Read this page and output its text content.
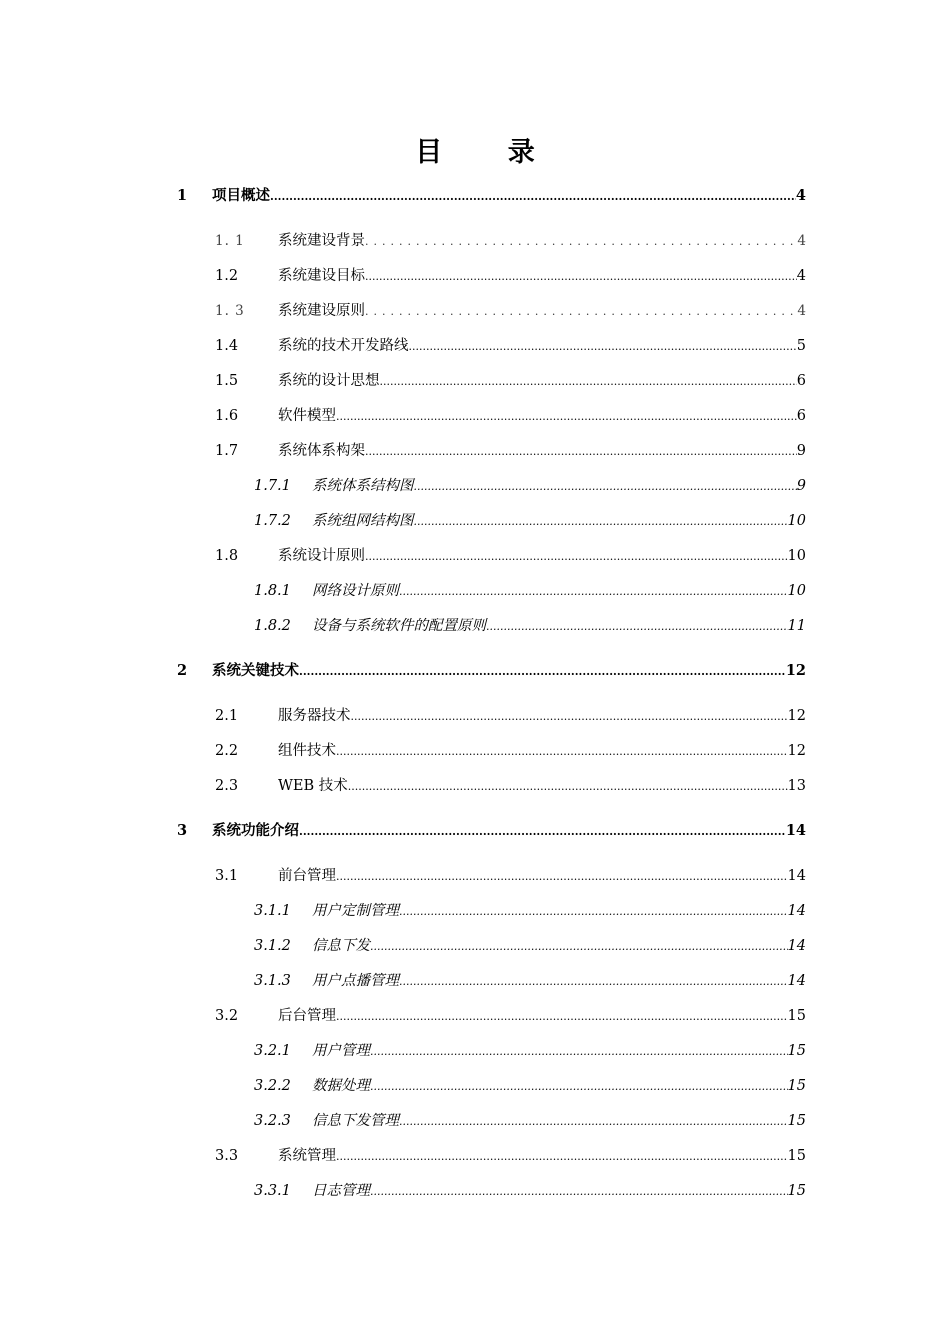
目 录
1	项目概述 .....	4
1. 1	系统建设背景 .....	4
1.2	系统建设目标 .....	4
1. 3	系统建设原则 .....	4
1.4	系统的技术开发路线 .....	5
1.5	系统的设计思想 .....	6
1.6	软件模型 .....	6
1.7	系统体系构架 .....	9
1.7.1	系统体系结构图 .....	9
1.7.2	系统组网结构图 .....	10
1.8	系统设计原则 .....	10
1.8.1	网络设计原则 .....	10
1.8.2	设备与系统软件的配置原则 .....	11
2	系统关键技术 .....	12
2.1	服务器技术 .....	12
2.2	组件技术 .....	12
2.3	WEB 技术 .....	13
3	系统功能介绍 .....	14
3.1	前台管理 .....	14
3.1.1	用户定制管理 .....	14
3.1.2	信息下发 .....	14
3.1.3	用户点播管理 .....	14
3.2	后台管理 .....	15
3.2.1	用户管理 .....	15
3.2.2	数据处理 .....	15
3.2.3	信息下发管理 .....	15
3.3	系统管理 .....	15
3.3.1	日志管理 .....	15
